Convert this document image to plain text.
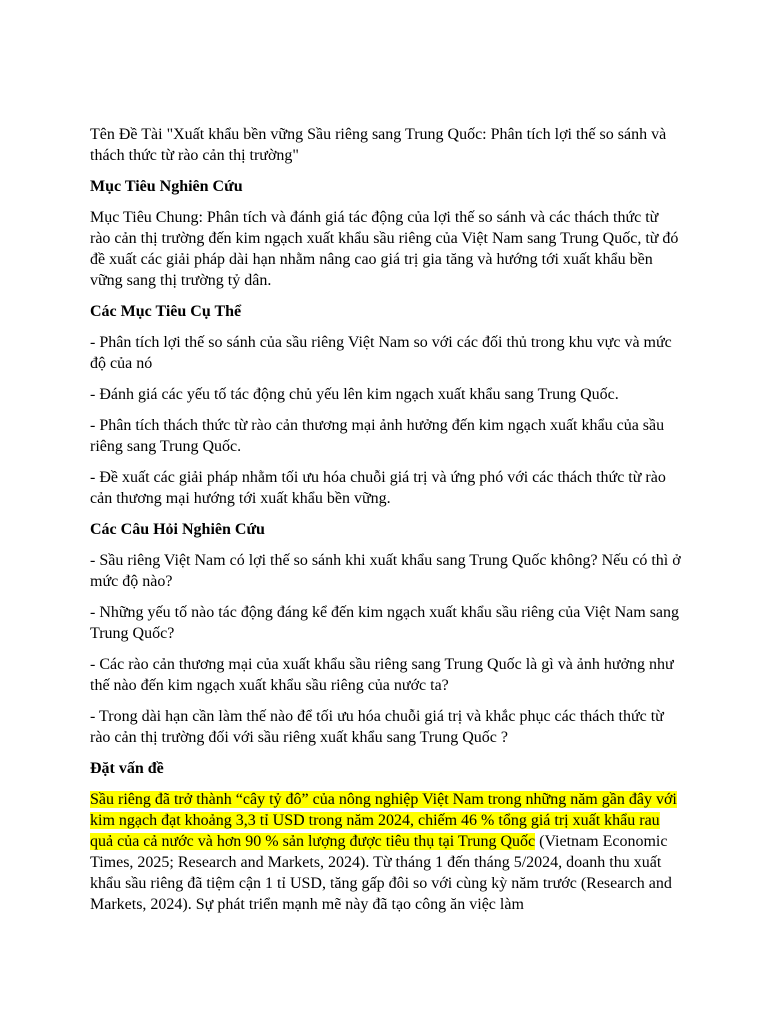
Tên Đề Tài "Xuất khẩu bền vững Sầu riêng sang Trung Quốc: Phân tích lợi thế so sánh và thách thức từ rào cản thị trường"

Mục Tiêu Nghiên Cứu

Mục Tiêu Chung: Phân tích và đánh giá tác động của lợi thế so sánh và các thách thức từ rào cản thị trường đến kim ngạch xuất khẩu sầu riêng của Việt Nam sang Trung Quốc, từ đó đề xuất các giải pháp dài hạn nhằm nâng cao giá trị gia tăng và hướng tới xuất khẩu bền vững sang thị trường tỷ dân.

Các Mục Tiêu Cụ Thể

- Phân tích lợi thế so sánh của sầu riêng Việt Nam so với các đối thủ trong khu vực và mức độ của nó

- Đánh giá các yếu tố tác động chủ yếu lên kim ngạch xuất khẩu sang Trung Quốc.

- Phân tích thách thức từ rào cản thương mại ảnh hưởng đến kim ngạch xuất khẩu của sầu riêng sang Trung Quốc.

- Đề xuất các giải pháp nhằm tối ưu hóa chuỗi giá trị và ứng phó với các thách thức từ rào cản thương mại hướng tới xuất khẩu bền vững.

Các Câu Hỏi Nghiên Cứu

- Sầu riêng Việt Nam có lợi thế so sánh khi xuất khẩu sang Trung Quốc không? Nếu có thì ở mức độ nào?

- Những yếu tố nào tác động đáng kể đến kim ngạch xuất khẩu sầu riêng của Việt Nam sang Trung Quốc?

- Các rào cản thương mại của xuất khẩu sầu riêng sang Trung Quốc là gì và ảnh hưởng như thế nào đến kim ngạch xuất khẩu sầu riêng của nước ta?

- Trong dài hạn cần làm thế nào để tối ưu hóa chuỗi giá trị và khắc phục các thách thức từ rào cản thị trường đối với sầu riêng xuất khẩu sang Trung Quốc ?

Đặt vấn đề

Sầu riêng đã trở thành “cây tỷ đô” của nông nghiệp Việt Nam trong những năm gần đây với kim ngạch đạt khoảng 3,3 tỉ USD trong năm 2024, chiếm 46 % tổng giá trị xuất khẩu rau quả của cả nước và hơn 90 % sản lượng được tiêu thụ tại Trung Quốc (Vietnam Economic Times, 2025; Research and Markets, 2024). Từ tháng 1 đến tháng 5/2024, doanh thu xuất khẩu sầu riêng đã tiệm cận 1 tỉ USD, tăng gấp đôi so với cùng kỳ năm trước (Research and Markets, 2024). Sự phát triển mạnh mẽ này đã tạo công ăn việc làm
